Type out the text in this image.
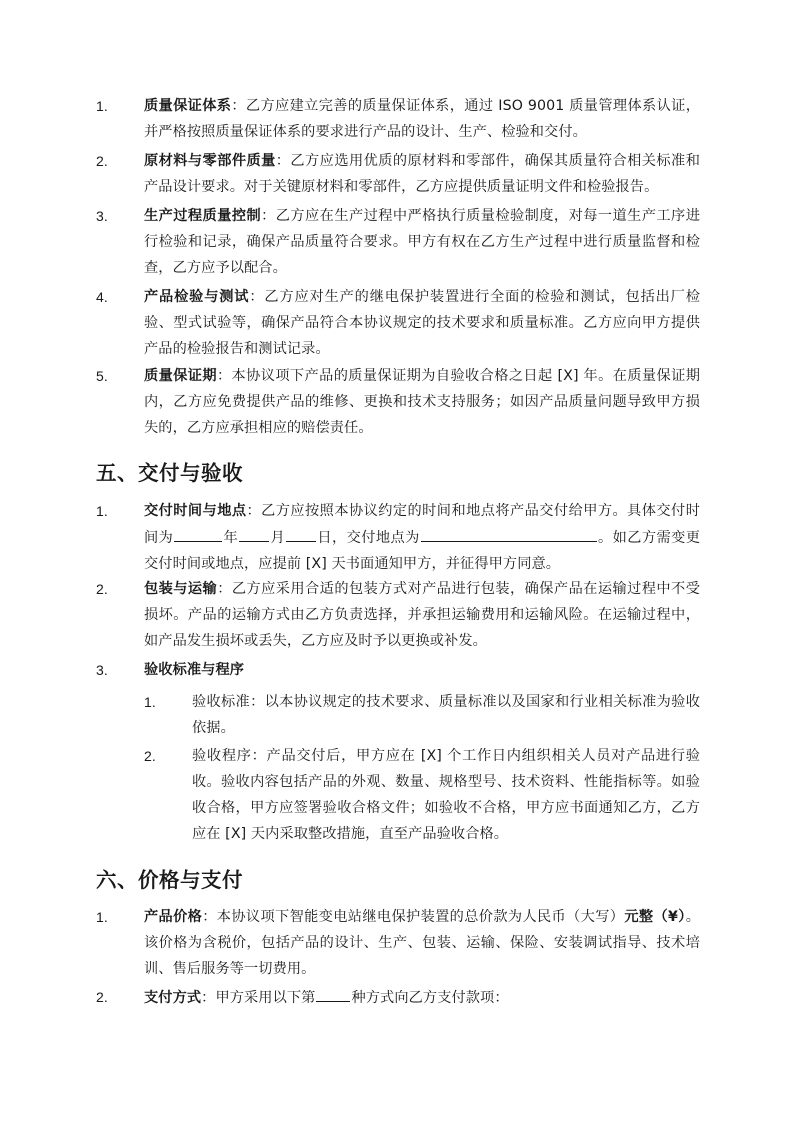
1.	质量保证体系：乙方应建立完善的质量保证体系，通过 ISO 9001 质量管理体系认证，并严格按照质量保证体系的要求进行产品的设计、生产、检验和交付。
2.	原材料与零部件质量：乙方应选用优质的原材料和零部件，确保其质量符合相关标准和产品设计要求。对于关键原材料和零部件，乙方应提供质量证明文件和检验报告。
3.	生产过程质量控制：乙方应在生产过程中严格执行质量检验制度，对每一道生产工序进行检验和记录，确保产品质量符合要求。甲方有权在乙方生产过程中进行质量监督和检查，乙方应予以配合。
4.	产品检验与测试：乙方应对生产的继电保护装置进行全面的检验和测试，包括出厂检验、型式试验等，确保产品符合本协议规定的技术要求和质量标准。乙方应向甲方提供产品的检验报告和测试记录。
5.	质量保证期：本协议项下产品的质量保证期为自验收合格之日起 [X] 年。在质量保证期内，乙方应免费提供产品的维修、更换和技术支持服务；如因产品质量问题导致甲方损失的，乙方应承担相应的赔偿责任。
五、交付与验收
1.	交付时间与地点：乙方应按照本协议约定的时间和地点将产品交付给甲方。具体交付时间为	年 月 日，交付地点为	。如乙方需变更交付时间或地点，应提前 [X] 天书面通知甲方，并征得甲方同意。
2.	包装与运输：乙方应采用合适的包装方式对产品进行包装，确保产品在运输过程中不受损坏。产品的运输方式由乙方负责选择，并承担运输费用和运输风险。在运输过程中，如产品发生损坏或丢失，乙方应及时予以更换或补发。
3.	验收标准与程序
1.	验收标准：以本协议规定的技术要求、质量标准以及国家和行业相关标准为验收依据。
2.	验收程序：产品交付后，甲方应在 [X] 个工作日内组织相关人员对产品进行验收。验收内容包括产品的外观、数量、规格型号、技术资料、性能指标等。如验收合格，甲方应签署验收合格文件；如验收不合格，甲方应书面通知乙方，乙方应在 [X] 天内采取整改措施，直至产品验收合格。
六、价格与支付
1.	产品价格：本协议项下智能变电站继电保护装置的总价款为人民币（大写）元整（¥）。该价格为含税价，包括产品的设计、生产、包装、运输、保险、安装调试指导、技术培训、售后服务等一切费用。
2.	支付方式：甲方采用以下第	种方式向乙方支付款项：
